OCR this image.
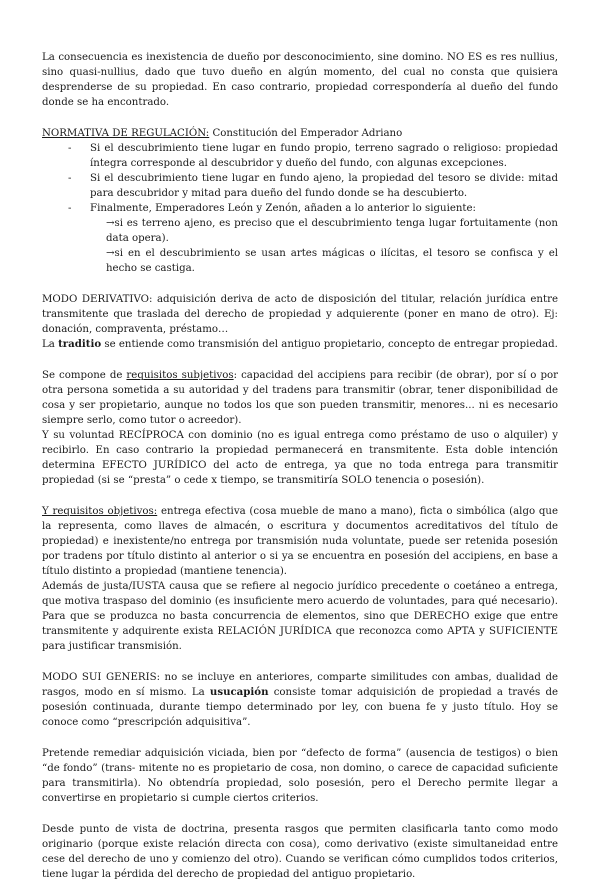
La consecuencia es inexistencia de dueño por desconocimiento, sine domino. NO ES es res nullius, sino quasi-nullius, dado que tuvo dueño en algún momento, del cual no consta que quisiera desprenderse de su propiedad. En caso contrario, propiedad correspondería al dueño del fundo donde se ha encontrado.

NORMATIVA DE REGULACIÓN: Constitución del Emperador Adriano

-	Si el descubrimiento tiene lugar en fundo propio, terreno sagrado o religioso: propiedad íntegra corresponde al descubridor y dueño del fundo, con algunas excepciones.
-	Si el descubrimiento tiene lugar en fundo ajeno, la propiedad del tesoro se divide: mitad para descubridor y mitad para dueño del fundo donde se ha descubierto.
-	Finalmente, Emperadores León y Zenón, añaden a lo anterior lo siguiente:

→si es terreno ajeno, es preciso que el descubrimiento tenga lugar fortuitamente (non data opera).

→si en el descubrimiento se usan artes mágicas o ilícitas, el tesoro se confisca y el hecho se castiga.

MODO DERIVATIVO: adquisición deriva de acto de disposición del titular, relación jurídica entre transmitente que traslada del derecho de propiedad y adquierente (poner en mano de otro). Ej: donación, compraventa, préstamo…

La traditio se entiende como transmisión del antiguo propietario, concepto de entregar propiedad.

Se compone de requisitos subjetivos: capacidad del accipiens para recibir (de obrar), por sí o por otra persona sometida a su autoridad y del tradens para transmitir (obrar, tener disponibilidad de cosa y ser propietario, aunque no todos los que son pueden transmitir, menores... ni es necesario siempre serlo, como tutor o acreedor).

Y su voluntad RECÍPROCA con dominio (no es igual entrega como préstamo de uso o alquiler) y recibirlo. En caso contrario la propiedad permanecerá en transmitente. Esta doble intención determina EFECTO JURÍDICO del acto de entrega, ya que no toda entrega para transmitir propiedad (si se “presta” o cede x tiempo, se transmitiría SOLO tenencia o posesión).

Y requisitos objetivos: entrega efectiva (cosa mueble de mano a mano), ficta o simbólica (algo que la representa, como llaves de almacén, o escritura y documentos acreditativos del título de propiedad) e inexistente/no entrega por transmisión nuda voluntate, puede ser retenida posesión por tradens por título distinto al anterior o si ya se encuentra en posesión del accipiens, en base a título distinto a propiedad (mantiene tenencia).

Además de justa/IUSTA causa que se refiere al negocio jurídico precedente o coetáneo a entrega, que motiva traspaso del dominio (es insuficiente mero acuerdo de voluntades, para qué necesario). Para que se produzca no basta concurrencia de elementos, sino que DERECHO exige que entre transmitente y adquirente exista RELACIÓN JURÍDICA que reconozca como APTA y SUFICIENTE para justificar transmisión.

MODO SUI GENERIS: no se incluye en anteriores, comparte similitudes con ambas, dualidad de rasgos, modo en sí mismo. La usucapión consiste tomar adquisición de propiedad a través de posesión continuada, durante tiempo determinado por ley, con buena fe y justo título. Hoy se conoce como “prescripción adquisitiva”.

Pretende remediar adquisición viciada, bien por “defecto de forma” (ausencia de testigos) o bien “de fondo” (trans- mitente no es propietario de cosa, non domino, o carece de capacidad suficiente para transmitirla). No obtendría propiedad, solo posesión, pero el Derecho permite llegar a convertirse en propietario si cumple ciertos criterios.

Desde punto de vista de doctrina, presenta rasgos que permiten clasificarla tanto como modo originario (porque existe relación directa con cosa), como derivativo (existe simultaneidad entre cese del derecho de uno y comienzo del otro). Cuando se verifican cómo cumplidos todos criterios, tiene lugar la pérdida del derecho de propiedad del antiguo propietario.
